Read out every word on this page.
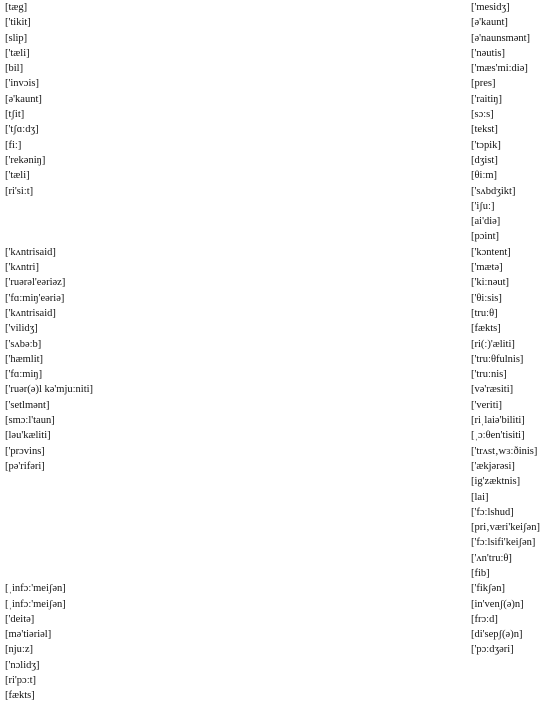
[tæg]
['tikit]
[slip]
['tæli]
[bil]
['invɔis]
[ə'kaunt]
[tʃit]
['tʃɑːdʒ]
[fiː]
['rekəniŋ]
['tæli]
[ri'siːt]
['kʌntrisaid]
['kʌntri]
['ruərəl'eəriəz]
['fɑːmiŋ'eəriə]
['kʌntrisaid]
['vilidʒ]
['sʌbəːb]
['hæmlit]
['fɑːmiŋ]
['ruər(ə)l kə'mjuːniti]
['setlmənt]
[smɔːl'taun]
[ləu'kæliti]
['prɔvins]
[pə'rifəri]
[ˌinfɔː'meiʃən]
[ˌinfɔː'meiʃən]
['deitə]
[mə'tiəriəl]
[njuːz]
['nɔlidʒ]
[ri'pɔːt]
[fækts]
['mesidʒ]
[ə'kaunt]
[ə'naunsmənt]
['nəutis]
['mæs'miːdiə]
[pres]
['raitiŋ]
[sɔːs]
[tekst]
['tɔpik]
[dʒist]
[θiːm]
['sʌbdʒikt]
['iʃuː]
[ai'diə]
[pɔint]
['kɔntent]
['mætə]
['kiːnəut]
['θiːsis]
[truːθ]
[fækts]
[ri(ː)'æliti]
['truːθfulnis]
['truːnis]
[və'ræsiti]
['veriti]
[riˌlaiə'biliti]
[ˌɔːθen'tisiti]
['trʌst‚wɜːðinis]
['ækjərəsi]
[ig'zæktnis]
[lai]
['fɔːlshud]
[pri‚væri'keiʃən]
['fɔːlsifi'keiʃən]
['ʌn'truːθ]
[fib]
['fikʃən]
[in'venʃ(ə)n]
[frɔːd]
[di'sepʃ(ə)n]
['pɔːdʒəri]
